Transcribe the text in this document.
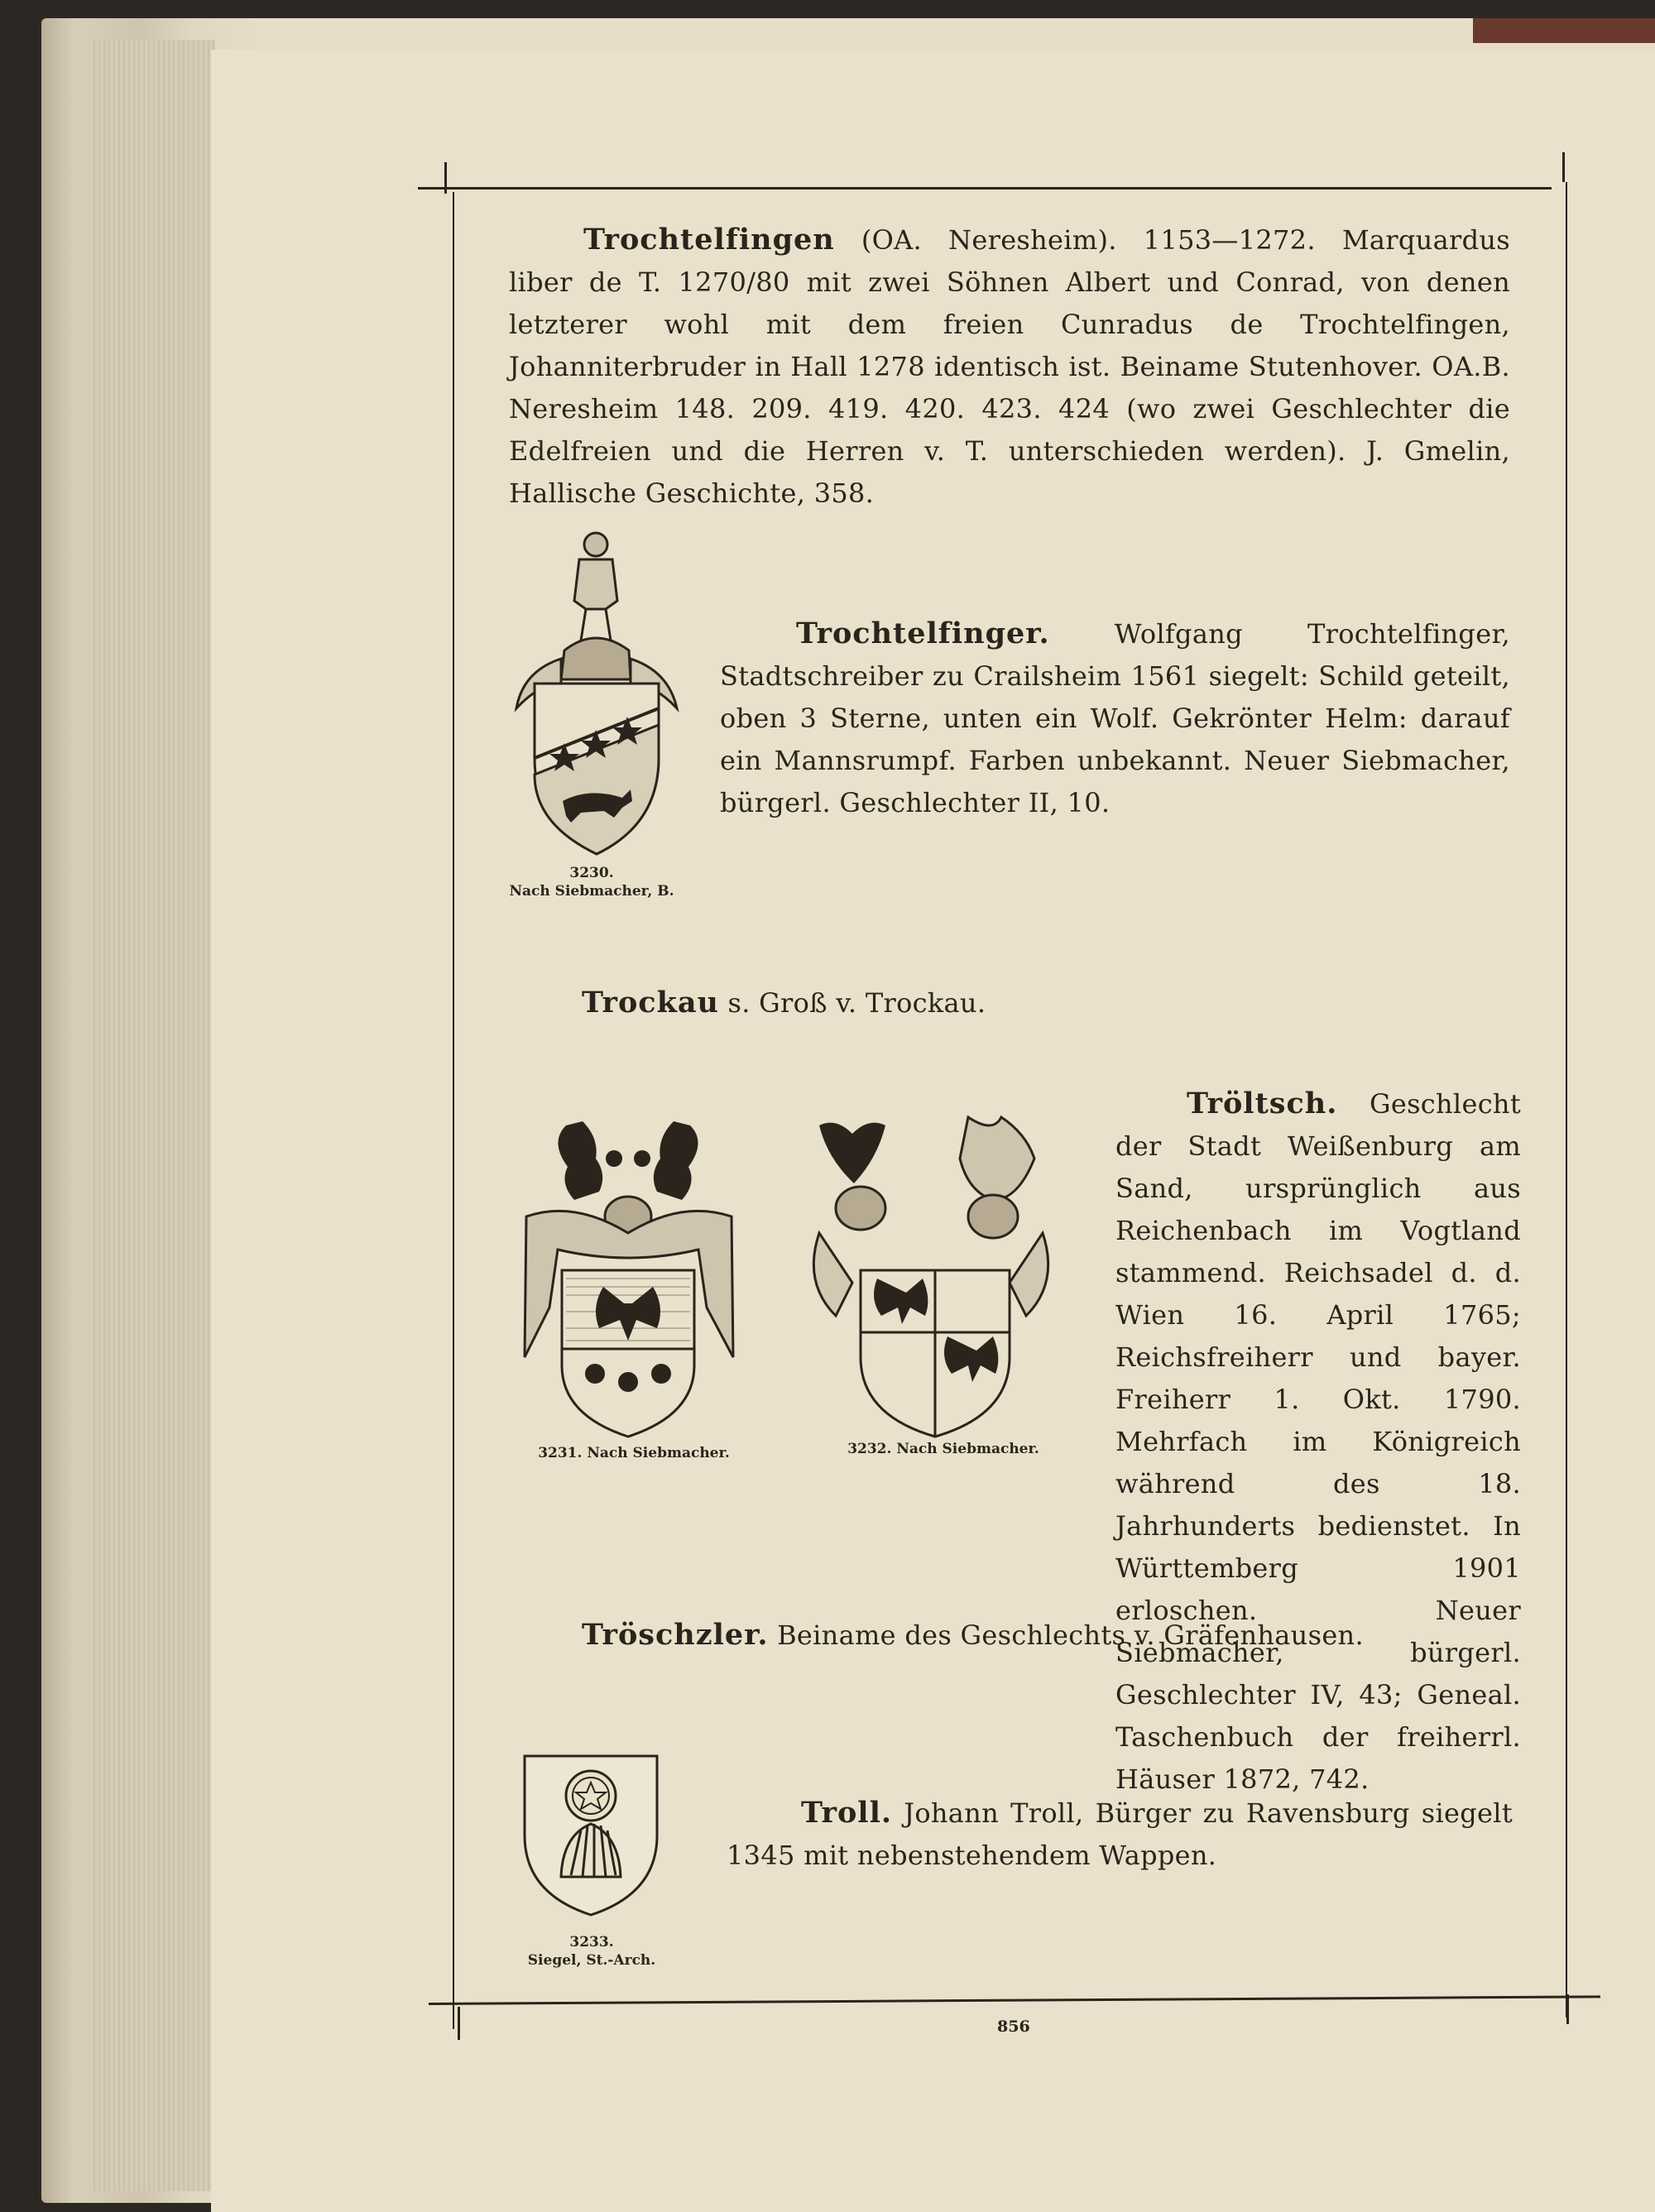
Trochtelfingen (OA. Neresheim). 1153—1272. Marquardus liber de T. 1270/80 mit zwei Söhnen Albert und Conrad, von denen letzterer wohl mit dem freien Cunradus de Trochtelfingen, Johanniterbruder in Hall 1278 identisch ist. Beiname Stutenhover. OA.B. Neresheim 148. 209. 419. 420. 423. 424 (wo zwei Geschlechter die Edelfreien und die Herren v. T. unterschieden werden). J. Gmelin, Hallische Geschichte, 358.
3230.
Nach Siebmacher, B.
Trochtelfinger. Wolfgang Trochtelfinger, Stadtschreiber zu Crailsheim 1561 siegelt: Schild geteilt, oben 3 Sterne, unten ein Wolf. Gekrönter Helm: darauf ein Mannsrumpf. Farben unbekannt. Neuer Siebmacher, bürgerl. Geschlechter II, 10.
Trockau s. Groß v. Trockau.
3231. Nach Siebmacher.	3232. Nach Siebmacher.
Tröltsch. Geschlecht der Stadt Weißenburg am Sand, ursprünglich aus Reichenbach im Vogtland stammend. Reichsadel d. d. Wien 16. April 1765; Reichsfreiherr und bayer. Freiherr 1. Okt. 1790. Mehrfach im Königreich während des 18. Jahrhunderts bedienstet. In Württemberg 1901 erloschen. Neuer Siebmacher, bürgerl. Geschlechter IV, 43; Geneal. Taschenbuch der freiherrl. Häuser 1872, 742.
Tröschzler. Beiname des Geschlechts v. Gräfenhausen.
3233.
Siegel, St.-Arch.
Troll. Johann Troll, Bürger zu Ravensburg siegelt 1345 mit nebenstehendem Wappen.
856
